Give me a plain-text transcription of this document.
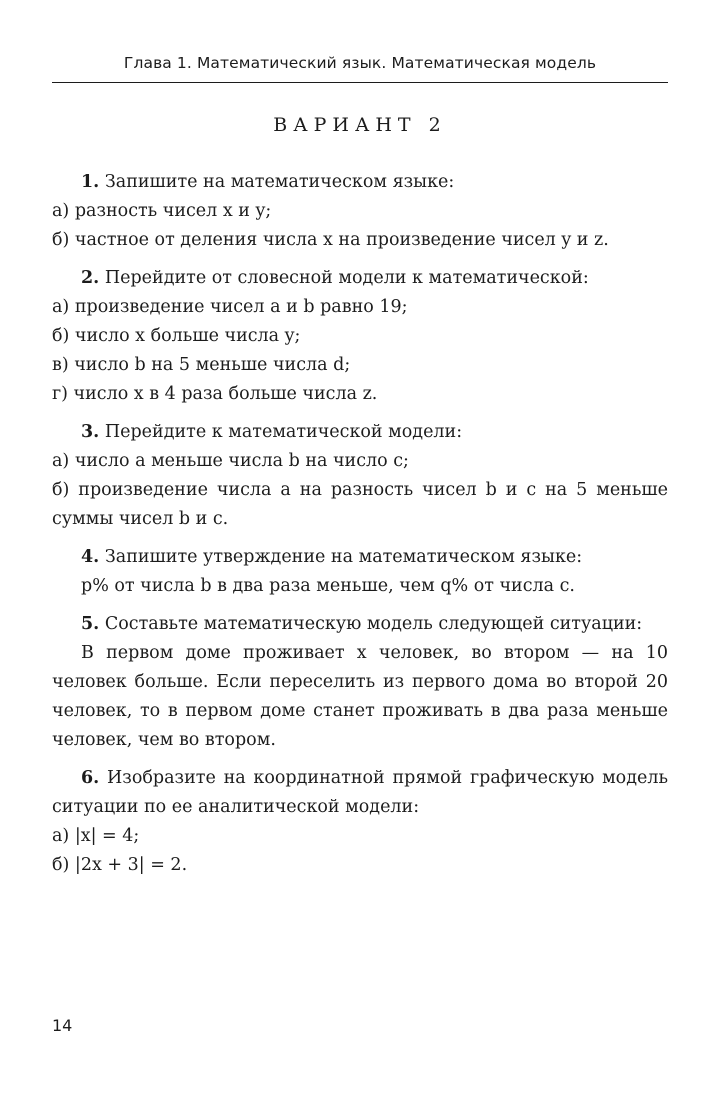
Глава 1. Математический язык. Математическая модель
ВАРИАНТ 2

1. Запишите на математическом языке:

а) разность чисел x и y;

б) частное от деления числа x на произведение чисел y и z.

2. Перейдите от словесной модели к математической:

а) произведение чисел a и b равно 19;

б) число x больше числа y;

в) число b на 5 меньше числа d;

г) число x в 4 раза больше числа z.

3. Перейдите к математической модели:

а) число a меньше числа b на число c;

б) произведение числа a на разность чисел b и c на 5 меньше суммы чисел b и c.

4. Запишите утверждение на математическом языке:

p% от числа b в два раза меньше, чем q% от числа c.

5. Составьте математическую модель следующей ситуации:

В первом доме проживает x человек, во втором — на 10 человек больше. Если переселить из первого дома во второй 20 человек, то в первом доме станет проживать в два раза меньше человек, чем во втором.

6. Изобразите на координатной прямой графическую модель ситуации по ее аналитической модели:

а) |x| = 4;

б) |2x + 3| = 2.

14
